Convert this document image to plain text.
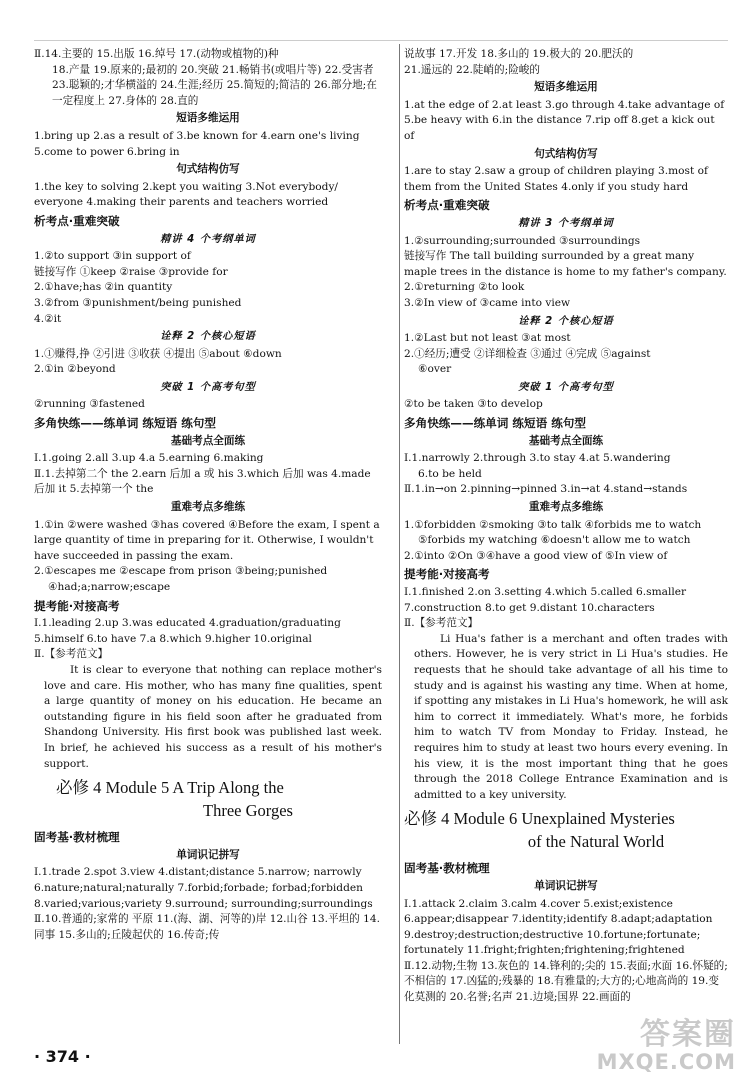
Ⅱ.14.主要的 15.出版 16.绰号 17.(动物或植物的)种
18.产量 19.原来的;最初的 20.突破 21.畅销书(或唱片等) 22.受害者 23.聪颖的;才华横溢的 24.生涯;经历 25.简短的;简洁的 26.部分地;在一定程度上 27.身体的 28.直的
短语多维运用
1.bring up 2.as a result of 3.be known for 4.earn one's living 5.come to power 6.bring in
句式结构仿写
1.the key to solving 2.kept you waiting 3.Not everybody/ everyone 4.making their parents and teachers worried
析考点·重难突破
精讲 4 个考纲单词
1.②to support ③in support of
链接写作 ①keep ②raise ③provide for
2.①have;has ②in quantity
3.②from ③punishment/being punished
4.②it
诠释 2 个核心短语
1.①赚得,挣 ②引进 ③收获 ④提出 ⑤about ⑥down
2.①in ②beyond
突破 1 个高考句型
②running ③fastened
多角快练——练单词 练短语 练句型
基础考点全面练
Ⅰ.1.going 2.all 3.up 4.a 5.earning 6.making
Ⅱ.1.去掉第二个 the 2.earn 后加 a 或 his 3.which 后加 was 4.made 后加 it 5.去掉第一个 the
重难考点多维练
1.①in ②were washed ③has covered ④Before the exam, I spent a large quantity of time in preparing for it. Otherwise, I wouldn't have succeeded in passing the exam.
2.①escapes me ②escape from prison ③being;punished
④had;a;narrow;escape
提考能·对接高考
Ⅰ.1.leading 2.up 3.was educated 4.graduation/graduating 5.himself 6.to have 7.a 8.which 9.higher 10.original
Ⅱ.【参考范文】
It is clear to everyone that nothing can replace mother's love and care. His mother, who has many fine qualities, spent a large quantity of money on his education. He became an outstanding figure in his field soon after he graduated from Shandong University. His first book was published last week. In brief, he achieved his success as a result of his mother's support.
必修 4 Module 5 A Trip Along the
Three Gorges
固考基·教材梳理
单词识记拼写
Ⅰ.1.trade 2.spot 3.view 4.distant;distance 5.narrow; narrowly 6.nature;natural;naturally 7.forbid;forbade; forbad;forbidden 8.varied;various;variety 9.surround; surrounding;surroundings
Ⅱ.10.普通的;家常的 平原 11.(海、湖、河等的)岸 12.山谷 13.平坦的 14.同事 15.多山的;丘陵起伏的 16.传奇;传
说故事 17.开发 18.多山的 19.极大的 20.肥沃的
21.遥远的 22.陡峭的;险峻的
短语多维运用
1.at the edge of 2.at least 3.go through 4.take advantage of 5.be heavy with 6.in the distance 7.rip off 8.get a kick out of
句式结构仿写
1.are to stay 2.saw a group of children playing 3.most of them from the United States 4.only if you study hard
析考点·重难突破
精讲 3 个考纲单词
1.②surrounding;surrounded ③surroundings
链接写作 The tall building surrounded by a great many maple trees in the distance is home to my father's company.
2.①returning ②to look
3.②In view of ③came into view
诠释 2 个核心短语
1.②Last but not least ③at most
2.①经历;遭受 ②详细检查 ③通过 ④完成 ⑤against
⑥over
突破 1 个高考句型
②to be taken ③to develop
多角快练——练单词 练短语 练句型
基础考点全面练
Ⅰ.1.narrowly 2.through 3.to stay 4.at 5.wandering
6.to be held
Ⅱ.1.in→on 2.pinning→pinned 3.in→at 4.stand→stands
重难考点多维练
1.①forbidden ②smoking ③to talk ④forbids me to watch
⑤forbids my watching ⑥doesn't allow me to watch
2.①into ②On ③④have a good view of ⑤In view of
提考能·对接高考
Ⅰ.1.finished 2.on 3.setting 4.which 5.called 6.smaller 7.construction 8.to get 9.distant 10.characters
Ⅱ.【参考范文】
Li Hua's father is a merchant and often trades with others. However, he is very strict in Li Hua's studies. He requests that he should take advantage of all his time to study and is against his wasting any time. When at home, if spotting any mistakes in Li Hua's homework, he will ask him to correct it immediately. What's more, he forbids him to watch TV from Monday to Friday. Instead, he requires him to study at least two hours every evening. In his view, it is the most important thing that he goes through the 2018 College Entrance Examination and is admitted to a key university.
必修 4 Module 6 Unexplained Mysteries
of the Natural World
固考基·教材梳理
单词识记拼写
Ⅰ.1.attack 2.claim 3.calm 4.cover 5.exist;existence 6.appear;disappear 7.identity;identify 8.adapt;adaptation 9.destroy;destruction;destructive 10.fortune;fortunate; fortunately 11.fright;frighten;frightening;frightened
Ⅱ.12.动物;生物 13.灰色的 14.锋利的;尖的 15.表面;水面 16.怀疑的;不相信的 17.凶猛的;残暴的 18.有雅量的;大方的;心地高尚的 19.变化莫测的 20.名誉;名声 21.边境;国界 22.画面的
· 374 ·
答案圈
MXQE.COM
